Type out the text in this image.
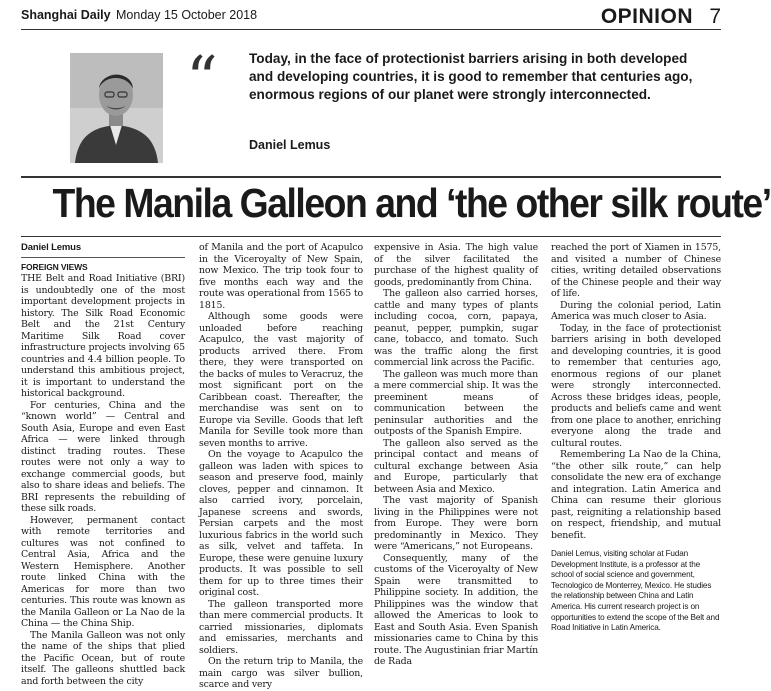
Shanghai Daily Monday 15 October 2018	OPINION 7
“ Today, in the face of protectionist barriers arising in both developed and developing countries, it is good to remember that centuries ago, enormous regions of our planet were strongly interconnected.
Daniel Lemus
The Manila Galleon and ‘the other silk route’

Daniel Lemus

FOREIGN VIEWS

THE Belt and Road Initiative (BRI) is undoubtedly one of the most important development projects in history. The Silk Road Economic Belt and the 21st Century Maritime Silk Road cover infrastructure projects involving 65 countries and 4.4 billion people. To understand this ambitious project, it is important to understand the historical background.

For centuries, China and the “known world” — Central and South Asia, Europe and even East Africa — were linked through distinct trading routes. These routes were not only a way to exchange commercial goods, but also to share ideas and beliefs. The BRI represents the rebuilding of these silk roads.

However, permanent contact with remote territories and cultures was not confined to Central Asia, Africa and the Western Hemisphere. Another route linked China with the Americas for more than two centuries. This route was known as the Manila Galleon or La Nao de la China — the China Ship.

The Manila Galleon was not only the name of the ships that plied the Pacific Ocean, but of route itself. The galleons shuttled back and forth between the city

of Manila and the port of Acapulco in the Viceroyalty of New Spain, now Mexico. The trip took four to five months each way and the route was operational from 1565 to 1815.

Although some goods were unloaded before reaching Acapulco, the vast majority of products arrived there. From there, they were transported on the backs of mules to Veracruz, the most significant port on the Caribbean coast. Thereafter, the merchandise was sent on to Europe via Seville. Goods that left Manila for Seville took more than seven months to arrive.

On the voyage to Acapulco the galleon was laden with spices to season and preserve food, mainly cloves, pepper and cinnamon. It also carried ivory, porcelain, Japanese screens and swords, Persian carpets and the most luxurious fabrics in the world such as silk, velvet and taffeta. In Europe, these were genuine luxury products. It was possible to sell them for up to three times their original cost.

The galleon transported more than mere commercial products. It carried missionaries, diplomats and emissaries, merchants and soldiers.

On the return trip to Manila, the main cargo was silver bullion, scarce and very

expensive in Asia. The high value of the silver facilitated the purchase of the highest quality of goods, predominantly from China.

The galleon also carried horses, cattle and many types of plants including cocoa, corn, papaya, peanut, pepper, pumpkin, sugar cane, tobacco, and tomato. Such was the traffic along the first commercial link across the Pacific.

The galleon was much more than a mere commercial ship. It was the preeminent means of communication between the peninsular authorities and the outposts of the Spanish Empire.

The galleon also served as the principal contact and means of cultural exchange between Asia and Europe, particularly that between Asia and Mexico.

The vast majority of Spanish living in the Philippines were not from Europe. They were born predominantly in Mexico. They were “Americans,” not Europeans.

Consequently, many of the customs of the Viceroyalty of New Spain were transmitted to Philippine society. In addition, the Philippines was the window that allowed the Americas to look to East and South Asia. Even Spanish missionaries came to China by this route. The Augustinian friar Martín de Rada

reached the port of Xiamen in 1575, and visited a number of Chinese cities, writing detailed observations of the Chinese people and their way of life.

During the colonial period, Latin America was much closer to Asia.

Today, in the face of protectionist barriers arising in both developed and developing countries, it is good to remember that centuries ago, enormous regions of our planet were strongly interconnected. Across these bridges ideas, people, products and beliefs came and went from one place to another, enriching everyone along the trade and cultural routes.

Remembering La Nao de la China, “the other silk route,” can help consolidate the new era of exchange and integration. Latin America and China can resume their glorious past, reigniting a relationship based on respect, friendship, and mutual benefit.

Daniel Lemus, visiting scholar at Fudan Development Institute, is a professor at the school of social science and government, Tecnologico de Monterrey, Mexico. He studies the relationship between China and Latin America. His current research project is on opportunities to extend the scope of the Belt and Road Initiative in Latin America.
